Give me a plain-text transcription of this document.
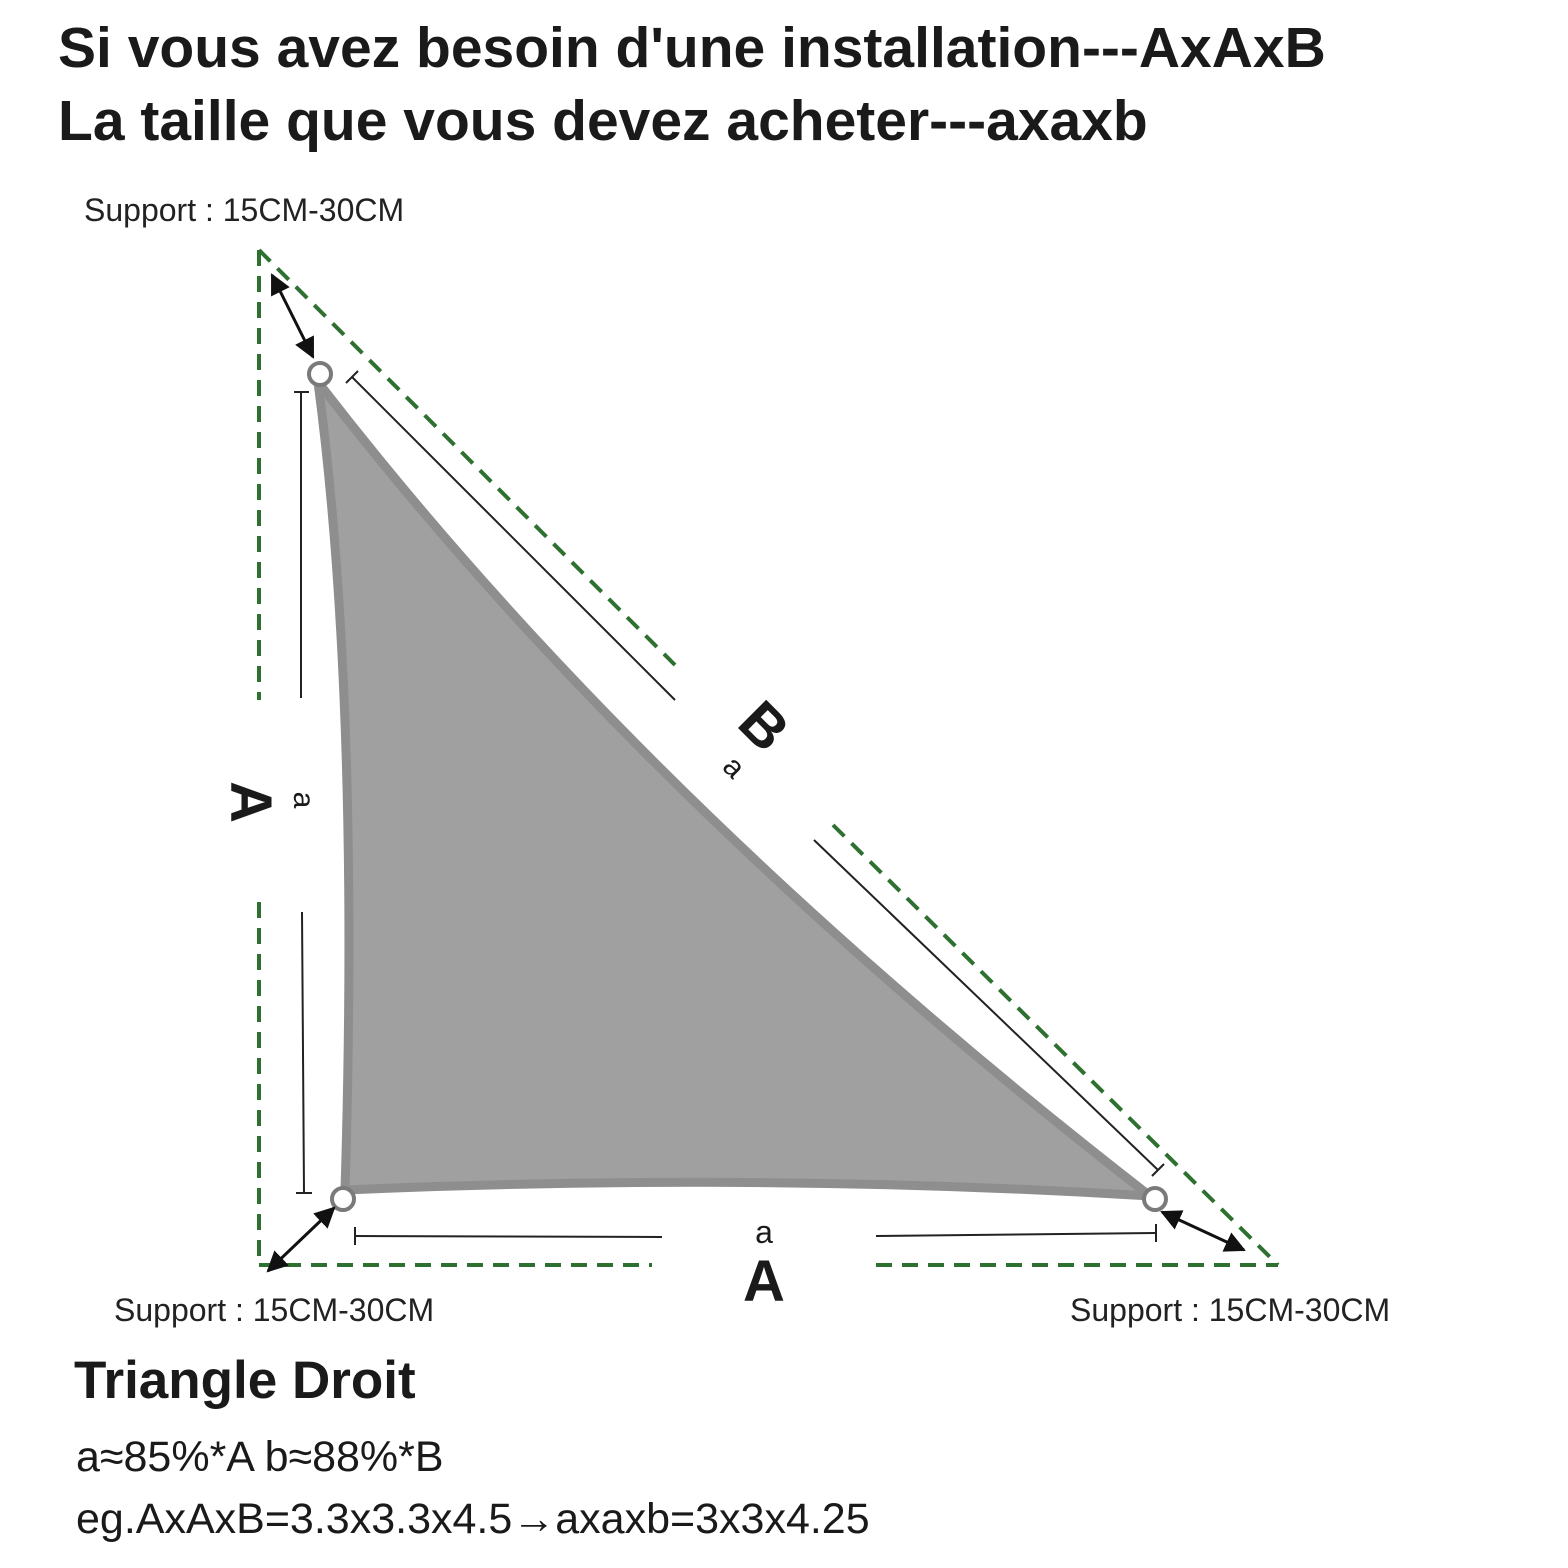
Si vous avez besoin d'une installation---AxAxB
La taille que vous devez acheter---axaxb
Support : 15CM-30CM
A a
a
A
B
a
Support : 15CM-30CM	Support : 15CM-30CM
Triangle Droit
a≈85%*A b≈88%*B
eg.AxAxB=3.3x3.3x4.5→axaxb=3x3x4.25
